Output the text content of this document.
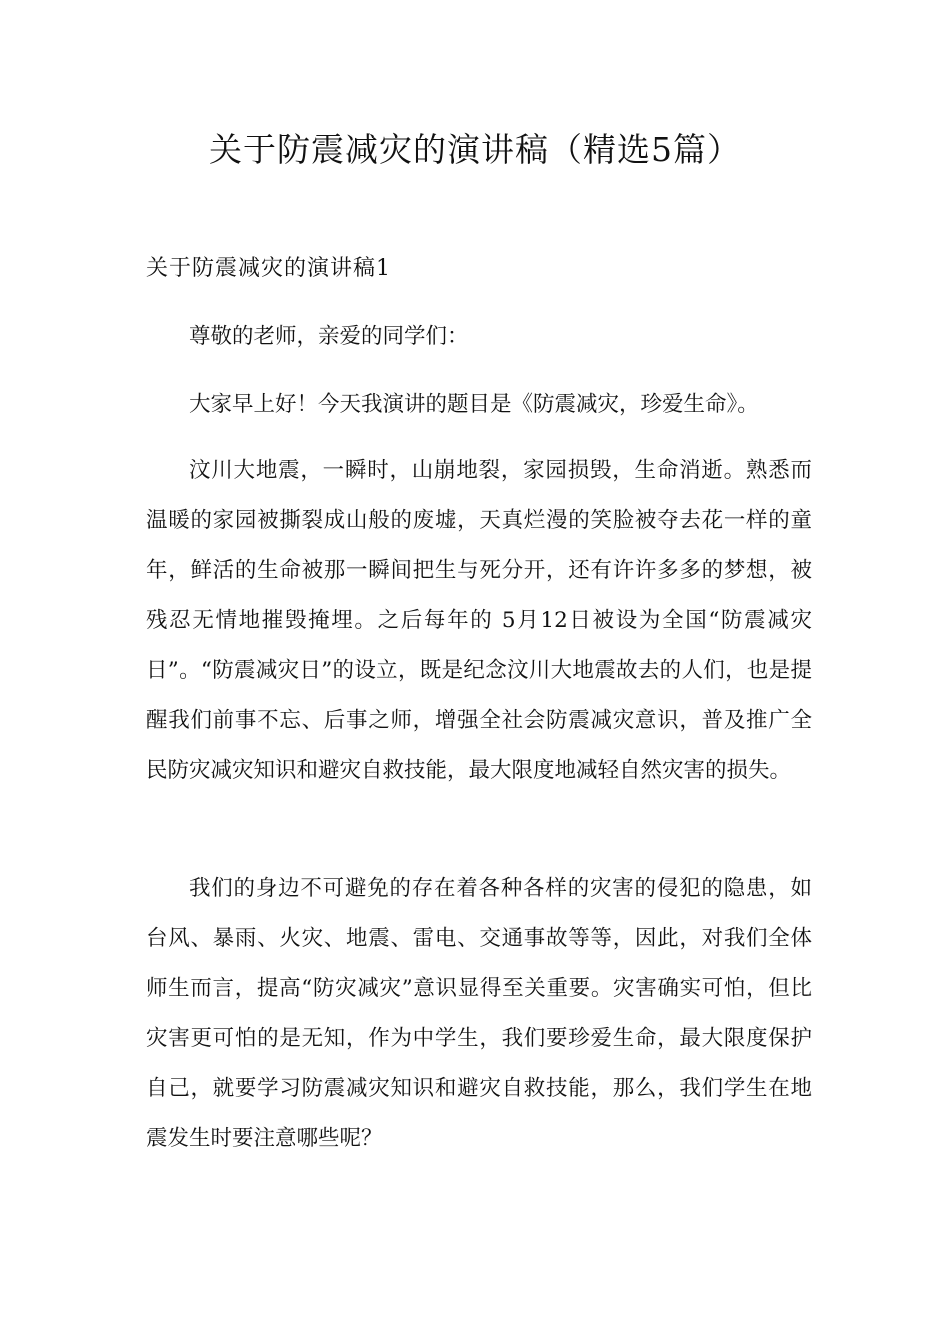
关于防震减灾的演讲稿（精选5篇）
关于防震减灾的演讲稿1

尊敬的老师，亲爱的同学们：

大家早上好！今天我演讲的题目是《防震减灾，珍爱生命》。

汶川大地震，一瞬时，山崩地裂，家园损毁，生命消逝。熟悉而温暖的家园被撕裂成山般的废墟，天真烂漫的笑脸被夺去花一样的童年，鲜活的生命被那一瞬间把生与死分开，还有许许多多的梦想，被残忍无情地摧毁掩埋。之后每年的 5月12日被设为全国“防震减灾日”。“防震减灾日”的设立，既是纪念汶川大地震故去的人们，也是提醒我们前事不忘、后事之师，增强全社会防震减灾意识，普及推广全民防灾减灾知识和避灾自救技能，最大限度地减轻自然灾害的损失。

我们的身边不可避免的存在着各种各样的灾害的侵犯的隐患，如台风、暴雨、火灾、地震、雷电、交通事故等等，因此，对我们全体师生而言，提高“防灾减灾”意识显得至关重要。灾害确实可怕，但比灾害更可怕的是无知，作为中学生，我们要珍爱生命，最大限度保护自己，就要学习防震减灾知识和避灾自救技能，那么，我们学生在地震发生时要注意哪些呢？
